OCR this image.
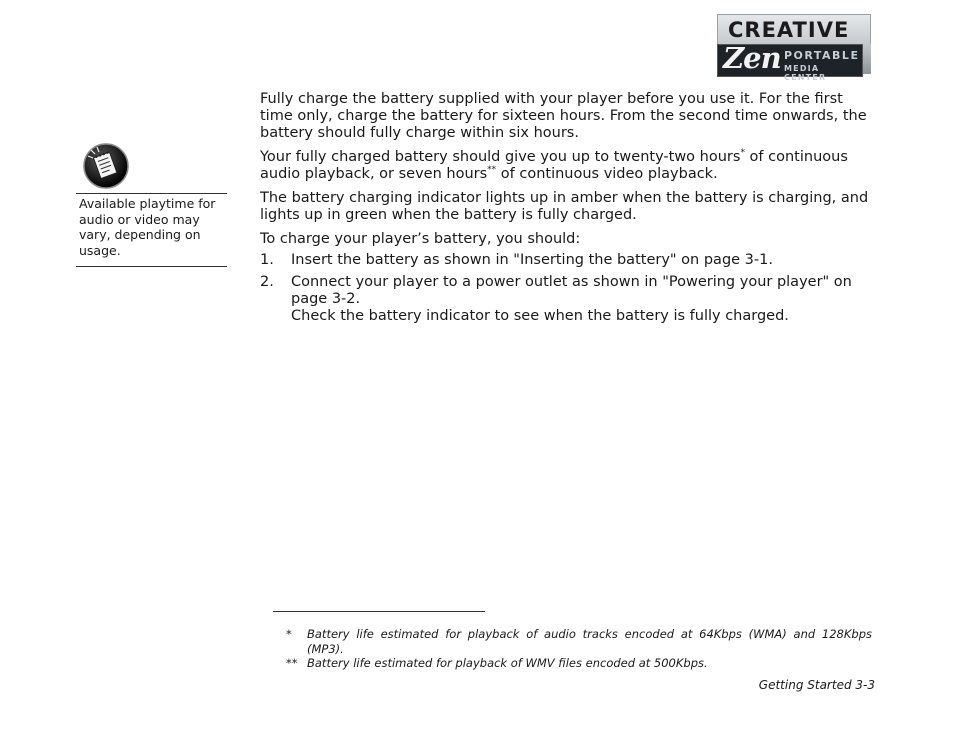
CREATIVE
Zen PORTABLE
MEDIA CENTER
Available playtime for audio or video may vary, depending on usage.

Fully charge the battery supplied with your player before you use it. For the first time only, charge the battery for sixteen hours. From the second time onwards, the battery should fully charge within six hours.

Your fully charged battery should give you up to twenty-two hours* of continuous audio playback, or seven hours** of continuous video playback.

The battery charging indicator lights up in amber when the battery is charging, and lights up in green when the battery is fully charged.

To charge your player’s battery, you should:

1. Insert the battery as shown in "Inserting the battery" on page 3-1.
2. Connect your player to a power outlet as shown in "Powering your player" on page 3-2.
Check the battery indicator to see when the battery is fully charged.
* Battery life estimated for playback of audio tracks encoded at 64Kbps (WMA) and 128Kbps (MP3).
** Battery life estimated for playback of WMV files encoded at 500Kbps.
Getting Started 3-3
